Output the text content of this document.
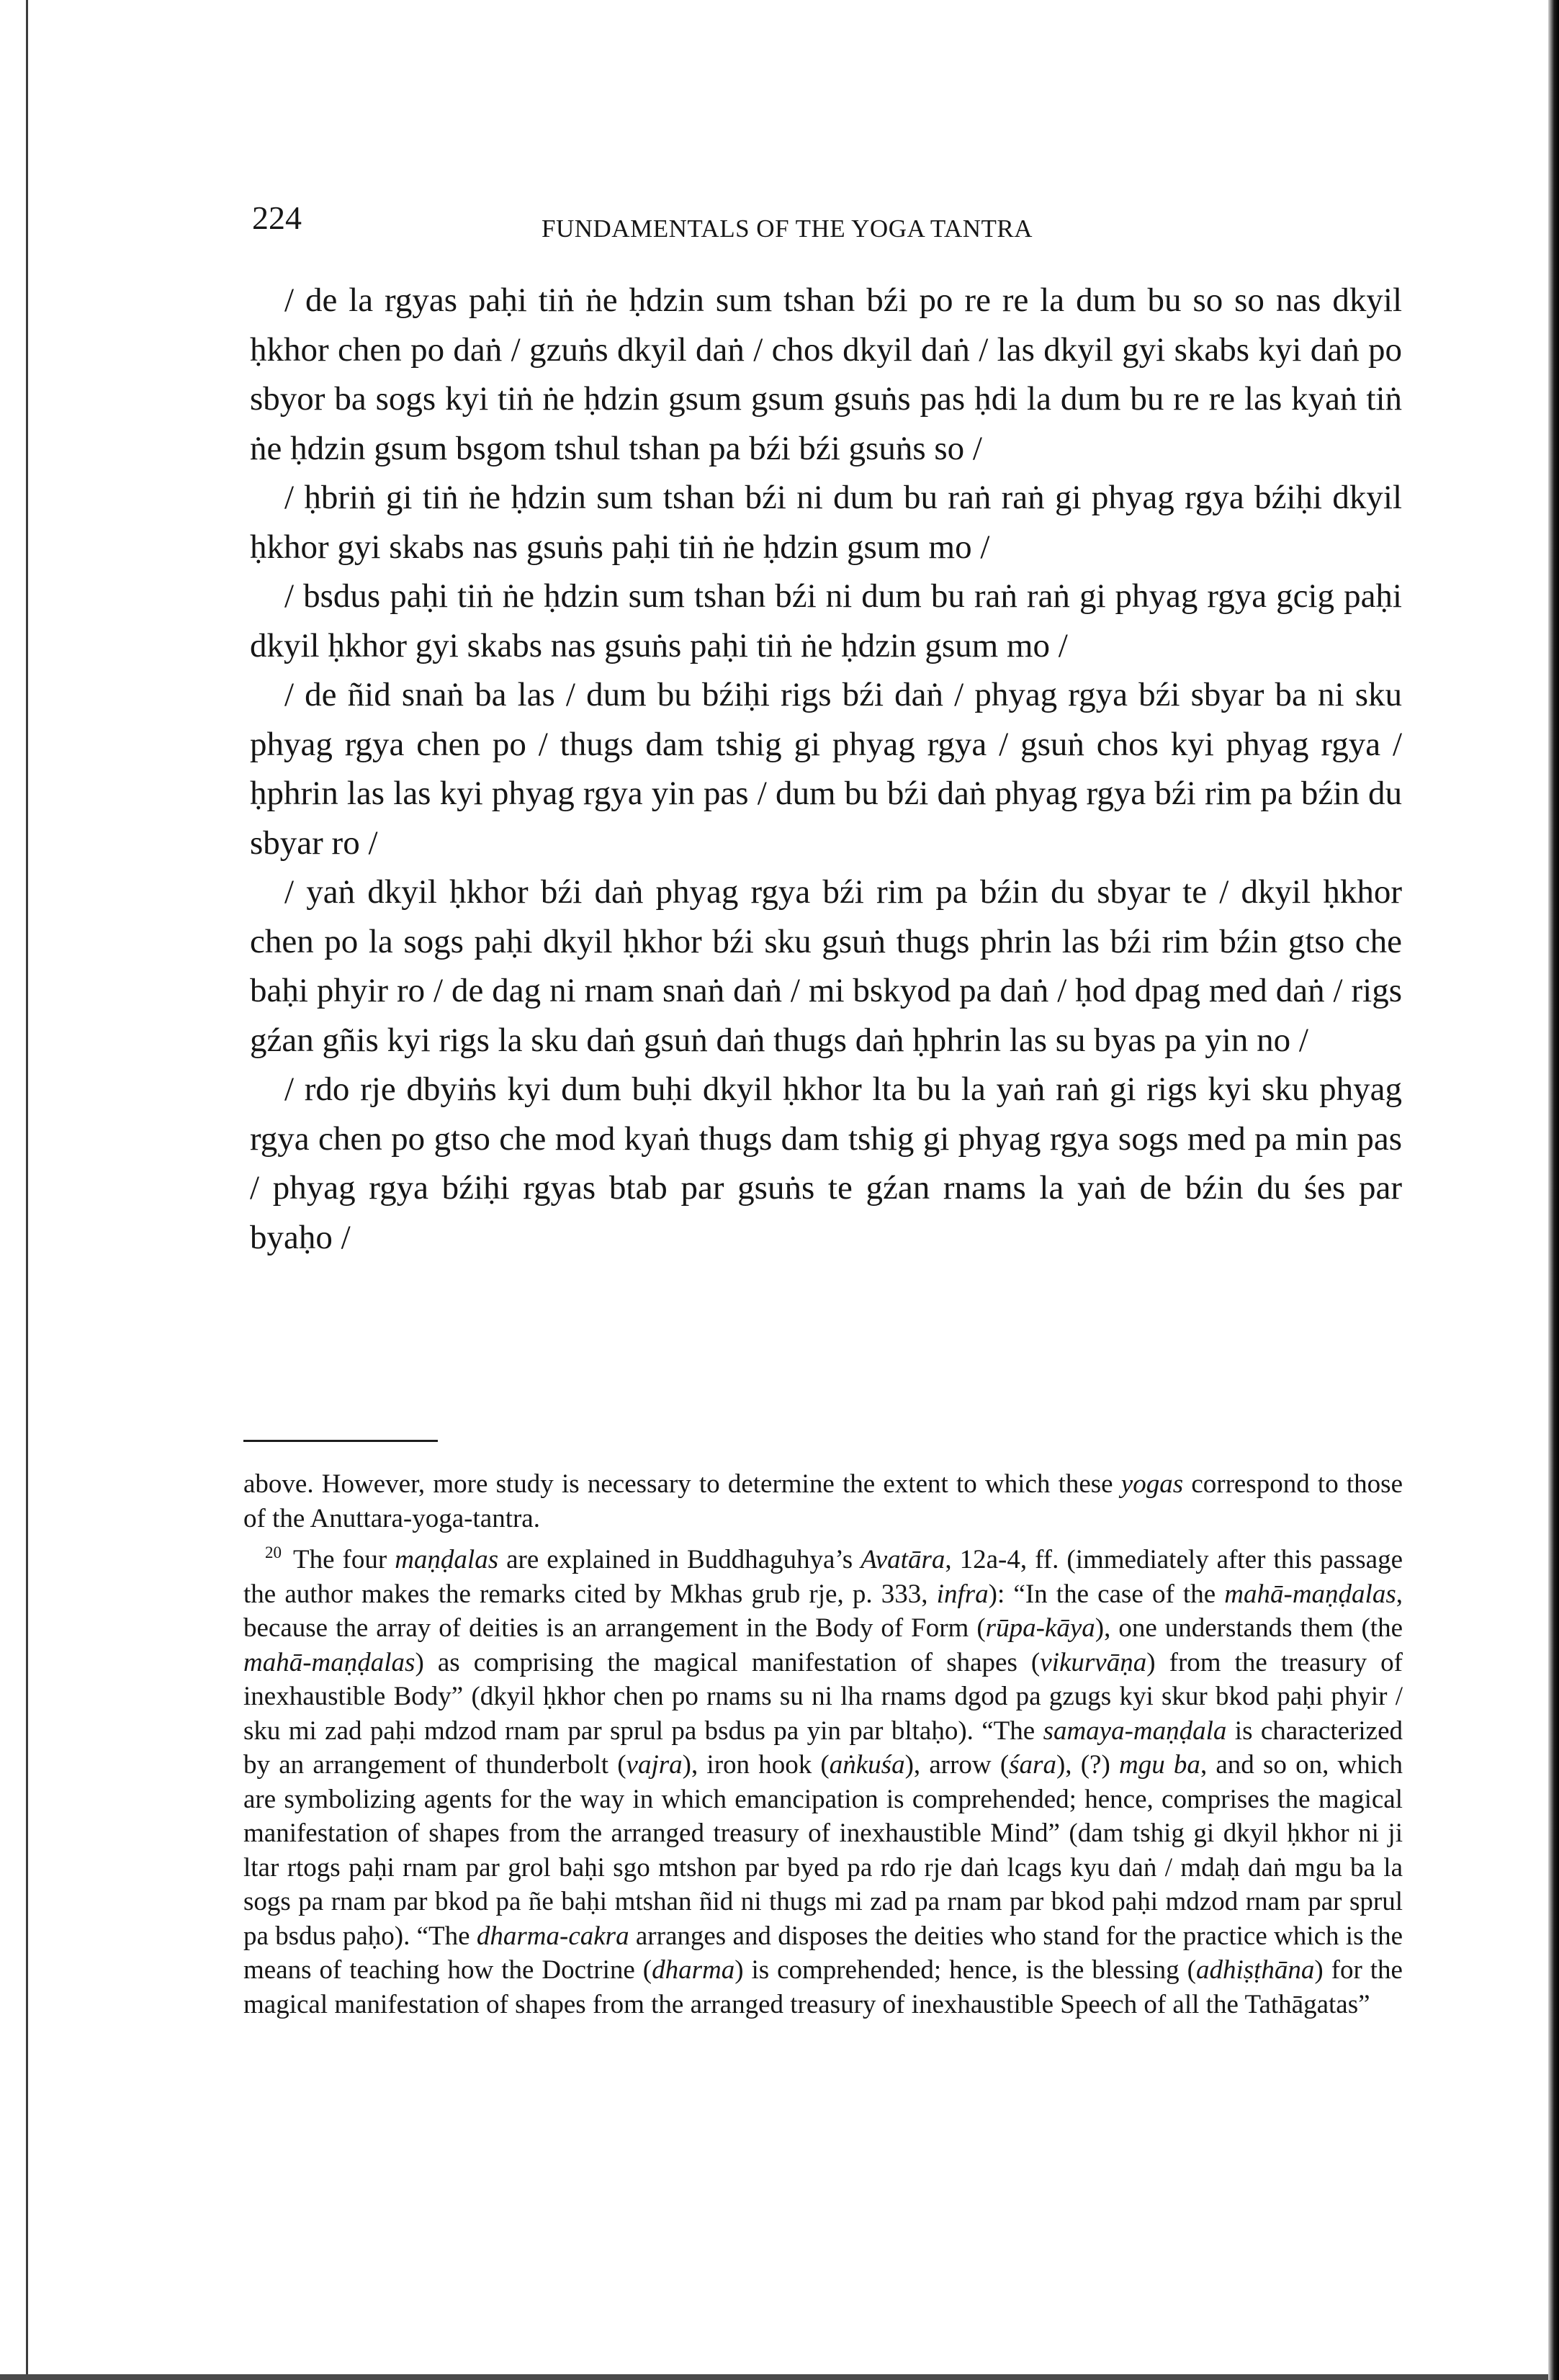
224	FUNDAMENTALS OF THE YOGA TANTRA

/ de la rgyas paḥi tiṅ ṅe ḥdzin sum tshan bźi po re re la dum bu so so nas dkyil ḥkhor chen po daṅ / gzuṅs dkyil daṅ / chos dkyil daṅ / las dkyil gyi skabs kyi daṅ po sbyor ba sogs kyi tiṅ ṅe ḥdzin gsum gsum gsuṅs pas ḥdi la dum bu re re las kyaṅ tiṅ ṅe ḥdzin gsum bsgom tshul tshan pa bźi bźi gsuṅs so /

/ ḥbriṅ gi tiṅ ṅe ḥdzin sum tshan bźi ni dum bu raṅ raṅ gi phyag rgya bźiḥi dkyil ḥkhor gyi skabs nas gsuṅs paḥi tiṅ ṅe ḥdzin gsum mo /

/ bsdus paḥi tiṅ ṅe ḥdzin sum tshan bźi ni dum bu raṅ raṅ gi phyag rgya gcig paḥi dkyil ḥkhor gyi skabs nas gsuṅs paḥi tiṅ ṅe ḥdzin gsum mo /

/ de ñid snaṅ ba las / dum bu bźiḥi rigs bźi daṅ / phyag rgya bźi sbyar ba ni sku phyag rgya chen po / thugs dam tshig gi phyag rgya / gsuṅ chos kyi phyag rgya / ḥphrin las las kyi phyag rgya yin pas / dum bu bźi daṅ phyag rgya bźi rim pa bźin du sbyar ro /

/ yaṅ dkyil ḥkhor bźi daṅ phyag rgya bźi rim pa bźin du sbyar te / dkyil ḥkhor chen po la sogs paḥi dkyil ḥkhor bźi sku gsuṅ thugs phrin las bźi rim bźin gtso che baḥi phyir ro / de dag ni rnam snaṅ daṅ / mi bskyod pa daṅ / ḥod dpag med daṅ / rigs gźan gñis kyi rigs la sku daṅ gsuṅ daṅ thugs daṅ ḥphrin las su byas pa yin no /

/ rdo rje dbyiṅs kyi dum buḥi dkyil ḥkhor lta bu la yaṅ raṅ gi rigs kyi sku phyag rgya chen po gtso che mod kyaṅ thugs dam tshig gi phyag rgya sogs med pa min pas / phyag rgya bźiḥi rgyas btab par gsuṅs te gźan rnams la yaṅ de bźin du śes par byaḥo /

above. However, more study is necessary to determine the extent to which these yogas correspond to those of the Anuttara-yoga-tantra.

$^{20}$ The four maṇḍalas are explained in Buddhaguhya’s Avatāra, 12a-4, ff. (immediately after this passage the author makes the remarks cited by Mkhas grub rje, p. 333, infra): “In the case of the mahā-maṇḍalas, because the array of deities is an arrangement in the Body of Form (rūpa-kāya), one understands them (the mahā-maṇḍalas) as comprising the magical manifestation of shapes (vikurvāṇa) from the treasury of inexhaustible Body” (dkyil ḥkhor chen po rnams su ni lha rnams dgod pa gzugs kyi skur bkod paḥi phyir / sku mi zad paḥi mdzod rnam par sprul pa bsdus pa yin par bltaḥo). “The samaya-maṇḍala is characterized by an arrangement of thunderbolt (vajra), iron hook (aṅkuśa), arrow (śara), (?) mgu ba, and so on, which are symbolizing agents for the way in which emancipation is comprehended; hence, comprises the magical manifestation of shapes from the arranged treasury of inexhaustible Mind” (dam tshig gi dkyil ḥkhor ni ji ltar rtogs paḥi rnam par grol baḥi sgo mtshon par byed pa rdo rje daṅ lcags kyu daṅ / mdaḥ daṅ mgu ba la sogs pa rnam par bkod pa ñe baḥi mtshan ñid ni thugs mi zad pa rnam par bkod paḥi mdzod rnam par sprul pa bsdus paḥo). “The dharma-cakra arranges and disposes the deities who stand for the practice which is the means of teaching how the Doctrine (dharma) is comprehended; hence, is the blessing (adhiṣṭhāna) for the magical manifestation of shapes from the arranged treasury of inexhaustible Speech of all the Tathāgatas”
